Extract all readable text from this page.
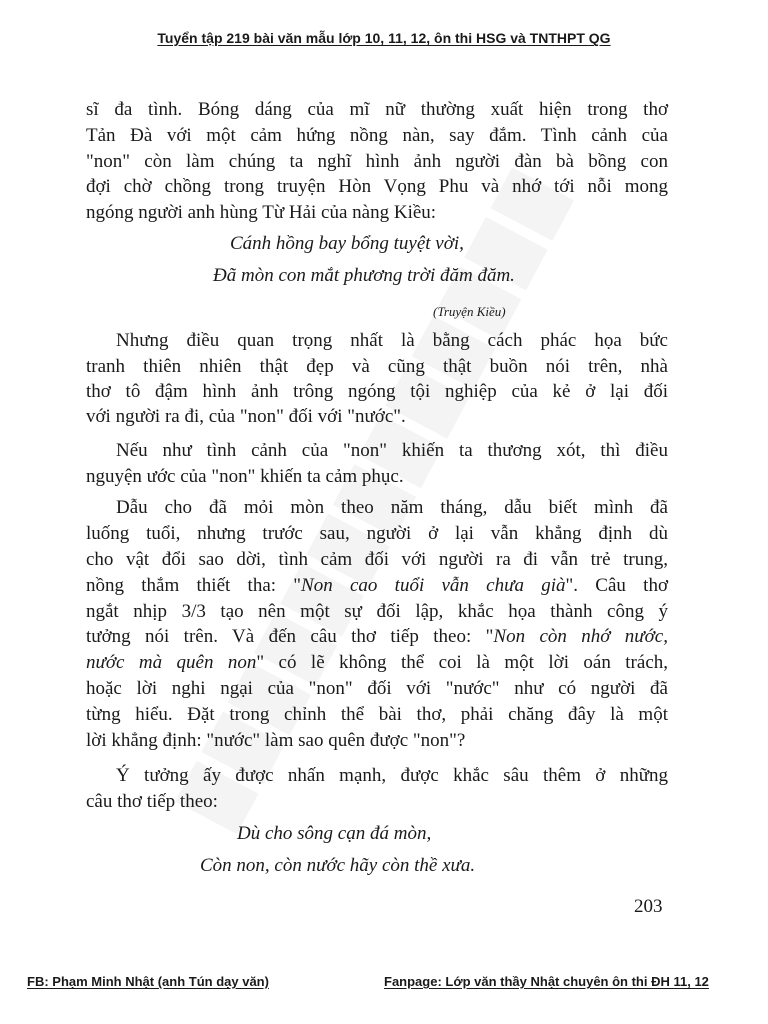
Tuyển tập 219 bài văn mẫu lớp 10, 11, 12, ôn thi HSG và TNTHPT QG
sĩ đa tình. Bóng dáng của mĩ nữ thường xuất hiện trong thơ
Tản Đà với một cảm hứng nồng nàn, say đắm. Tình cảnh của
"non" còn làm chúng ta nghĩ hình ảnh người đàn bà bồng con
đợi chờ chồng trong truyện Hòn Vọng Phu và nhớ tới nỗi mong
ngóng người anh hùng Từ Hải của nàng Kiều:
Cánh hồng bay bổng tuyệt vời,
Đã mòn con mắt phương trời đăm đăm.
(Truyện Kiều)
Nhưng điều quan trọng nhất là bằng cách phác họa bức
tranh thiên nhiên thật đẹp và cũng thật buồn nói trên, nhà
thơ tô đậm hình ảnh trông ngóng tội nghiệp của kẻ ở lại đối
với người ra đi, của "non" đối với "nước".
Nếu như tình cảnh của "non" khiến ta thương xót, thì điều
nguyện ước của "non" khiến ta cảm phục.
Dẫu cho đã mỏi mòn theo năm tháng, dẫu biết mình đã
luống tuổi, nhưng trước sau, người ở lại vẫn khẳng định dù
cho vật đổi sao dời, tình cảm đối với người ra đi vẫn trẻ trung,
nồng thắm thiết tha: "Non cao tuổi vẫn chưa già". Câu thơ
ngắt nhịp 3/3 tạo nên một sự đối lập, khắc họa thành công ý
tưởng nói trên. Và đến câu thơ tiếp theo: "Non còn nhớ nước,
nước mà quên non" có lẽ không thể coi là một lời oán trách,
hoặc lời nghi ngại của "non" đối với "nước" như có người đã
từng hiểu. Đặt trong chỉnh thể bài thơ, phải chăng đây là một
lời khẳng định: "nước" làm sao quên được "non"?
Ý tưởng ấy được nhấn mạnh, được khắc sâu thêm ở những
câu thơ tiếp theo:
Dù cho sông cạn đá mòn,
Còn non, còn nước hãy còn thề xưa.
203
FB: Phạm Minh Nhật (anh Tún dạy văn)	Fanpage: Lớp văn thầy Nhật chuyên ôn thi ĐH 11, 12
